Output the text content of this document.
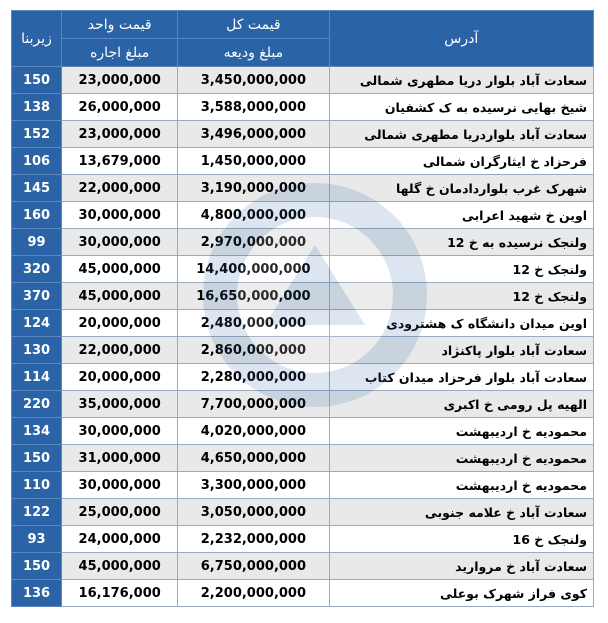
زیربنا	قیمت واحد	قیمت کل	آدرس
	مبلغ اجاره	مبلغ ودیعه	
150	23,000,000	3,450,000,000	سعادت آباد بلوار دریا مطهری شمالی
138	26,000,000	3,588,000,000	شیخ بهایی نرسیده به ک کشفیان
152	23,000,000	3,496,000,000	سعادت آباد بلواردریا مطهری شمالی
106	13,679,000	1,450,000,000	فرحزاد خ ایثارگران شمالی
145	22,000,000	3,190,000,000	شهرک غرب بلواردادمان خ گلها
160	30,000,000	4,800,000,000	اوین خ شهید اعرابی
99	30,000,000	2,970,000,000	ولنجک نرسیده به خ 12
320	45,000,000	14,400,000,000	ولنجک خ 12
370	45,000,000	16,650,000,000	ولنجک خ 12
124	20,000,000	2,480,000,000	اوین میدان دانشگاه ک هشترودی
130	22,000,000	2,860,000,000	سعادت آباد بلوار پاکنژاد
114	20,000,000	2,280,000,000	سعادت آباد بلوار فرحزاد میدان کتاب
220	35,000,000	7,700,000,000	الهیه پل رومی خ اکبری
134	30,000,000	4,020,000,000	محمودیه خ اردیبهشت
150	31,000,000	4,650,000,000	محمودیه خ اردیبهشت
110	30,000,000	3,300,000,000	محمودیه خ اردیبهشت
122	25,000,000	3,050,000,000	سعادت آباد خ علامه جنوبی
93	24,000,000	2,232,000,000	ولنجک خ 16
150	45,000,000	6,750,000,000	سعادت آباد خ مروارید
136	16,176,000	2,200,000,000	کوی فراز شهرک بوعلی
